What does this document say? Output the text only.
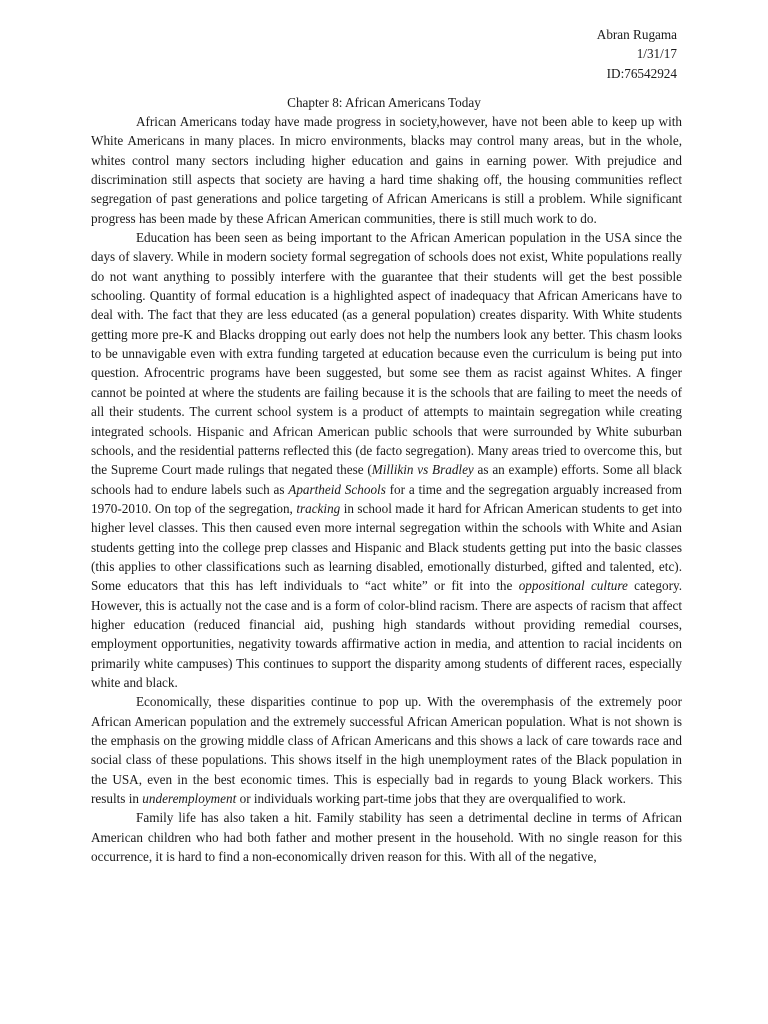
Abran Rugama
1/31/17
ID:76542924
Chapter 8: African Americans Today

African Americans today have made progress in society,however, have not been able to keep up with White Americans in many places. In micro environments, blacks may control many areas, but in the whole, whites control many sectors including higher education and gains in earning power. With prejudice and discrimination still aspects that society are having a hard time shaking off, the housing communities reflect segregation of past generations and police targeting of African Americans is still a problem. While significant progress has been made by these African American communities, there is still much work to do.

Education has been seen as being important to the African American population in the USA since the days of slavery. While in modern society formal segregation of schools does not exist, White populations really do not want anything to possibly interfere with the guarantee that their students will get the best possible schooling. Quantity of formal education is a highlighted aspect of inadequacy that African Americans have to deal with. The fact that they are less educated (as a general population) creates disparity. With White students getting more pre-K and Blacks dropping out early does not help the numbers look any better. This chasm looks to be unnavigable even with extra funding targeted at education because even the curriculum is being put into question. Afrocentric programs have been suggested, but some see them as racist against Whites. A finger cannot be pointed at where the students are failing because it is the schools that are failing to meet the needs of all their students. The current school system is a product of attempts to maintain segregation while creating integrated schools. Hispanic and African American public schools that were surrounded by White suburban schools, and the residential patterns reflected this (de facto segregation). Many areas tried to overcome this, but the Supreme Court made rulings that negated these (Millikin vs Bradley as an example) efforts. Some all black schools had to endure labels such as Apartheid Schools for a time and the segregation arguably increased from 1970-2010. On top of the segregation, tracking in school made it hard for African American students to get into higher level classes. This then caused even more internal segregation within the schools with White and Asian students getting into the college prep classes and Hispanic and Black students getting put into the basic classes (this applies to other classifications such as learning disabled, emotionally disturbed, gifted and talented, etc). Some educators that this has left individuals to “act white” or fit into the oppositional culture category. However, this is actually not the case and is a form of color-blind racism. There are aspects of racism that affect higher education (reduced financial aid, pushing high standards without providing remedial courses, employment opportunities, negativity towards affirmative action in media, and attention to racial incidents on primarily white campuses) This continues to support the disparity among students of different races, especially white and black.

Economically, these disparities continue to pop up. With the overemphasis of the extremely poor African American population and the extremely successful African American population. What is not shown is the emphasis on the growing middle class of African Americans and this shows a lack of care towards race and social class of these populations. This shows itself in the high unemployment rates of the Black population in the USA, even in the best economic times. This is especially bad in regards to young Black workers. This results in underemployment or individuals working part-time jobs that they are overqualified to work.

Family life has also taken a hit. Family stability has seen a detrimental decline in terms of African American children who had both father and mother present in the household. With no single reason for this occurrence, it is hard to find a non-economically driven reason for this. With all of the negative,
